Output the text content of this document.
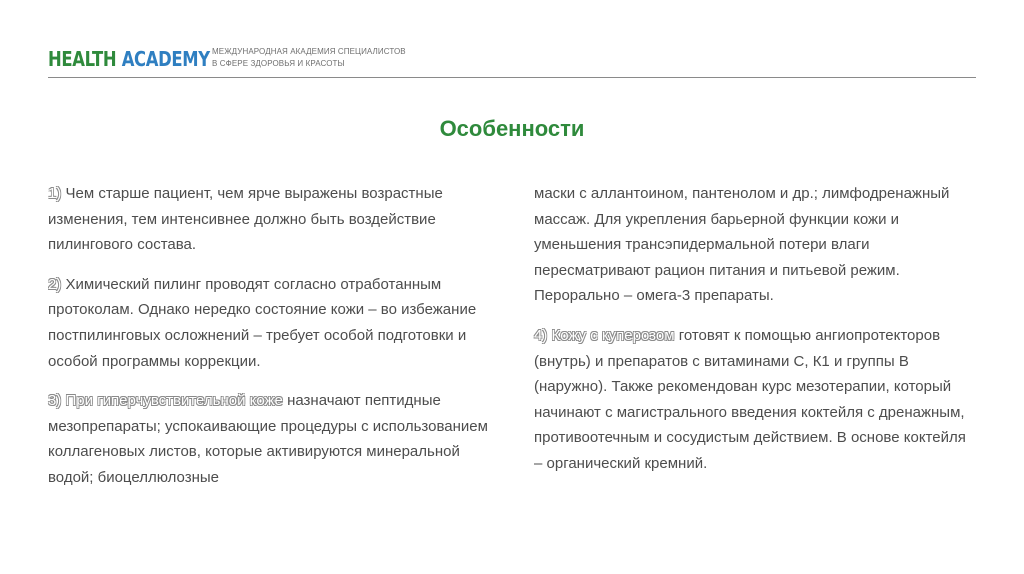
HEALTH ACADEMY МЕЖДУНАРОДНАЯ АКАДЕМИЯ СПЕЦИАЛИСТОВ
В СФЕРЕ ЗДОРОВЬЯ И КРАСОТЫ
Особенности

1) Чем старше пациент, чем ярче выражены возрастные изменения, тем интенсивнее должно быть воздействие пилингового состава.

2) Химический пилинг проводят согласно отработанным протоколам. Однако нередко состояние кожи – во избежание постпилинговых осложнений – требует особой подготовки и особой программы коррекции.

3) При гиперчувствительной коже назначают пептидные мезопрепараты; успокаивающие процедуры с использованием коллагеновых листов, которые активируются минеральной водой; биоцеллюлозные

маски с аллантоином, пантенолом и др.; лимфодренажный массаж. Для укрепления барьерной функции кожи и уменьшения трансэпидермальной потери влаги пересматривают рацион питания и питьевой режим. Перорально – омега-3 препараты.

4) Кожу с куперозом готовят к помощью ангиопротекторов (внутрь) и препаратов с витаминами С, К1 и группы В (наружно). Также рекомендован курс мезотерапии, который начинают с магистрального введения коктейля с дренажным, противоотечным и сосудистым действием. В основе коктейля – органический кремний.
